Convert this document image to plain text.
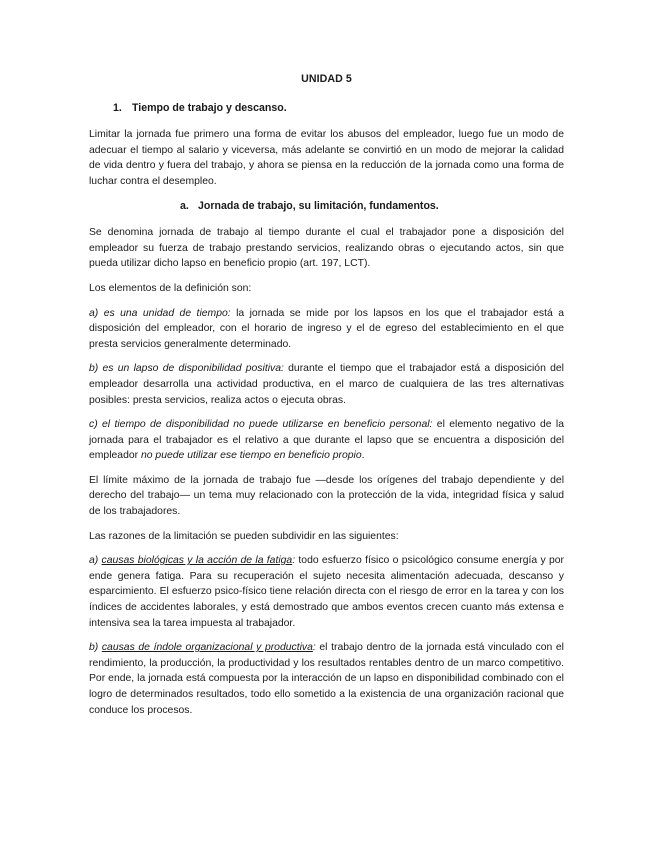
UNIDAD 5
1. Tiempo de trabajo y descanso.

Limitar la jornada fue primero una forma de evitar los abusos del empleador, luego fue un modo de adecuar el tiempo al salario y viceversa, más adelante se convirtió en un modo de mejorar la calidad de vida dentro y fuera del trabajo, y ahora se piensa en la reducción de la jornada como una forma de luchar contra el desempleo.

a. Jornada de trabajo, su limitación, fundamentos.

Se denomina jornada de trabajo al tiempo durante el cual el trabajador pone a disposición del empleador su fuerza de trabajo prestando servicios, realizando obras o ejecutando actos, sin que pueda utilizar dicho lapso en beneficio propio (art. 197, LCT).

Los elementos de la definición son:

a) es una unidad de tiempo: la jornada se mide por los lapsos en los que el trabajador está a disposición del empleador, con el horario de ingreso y el de egreso del establecimiento en el que presta servicios generalmente determinado.

b) es un lapso de disponibilidad positiva: durante el tiempo que el trabajador está a disposición del empleador desarrolla una actividad productiva, en el marco de cualquiera de las tres alternativas posibles: presta servicios, realiza actos o ejecuta obras.

c) el tiempo de disponibilidad no puede utilizarse en beneficio personal: el elemento negativo de la jornada para el trabajador es el relativo a que durante el lapso que se encuentra a disposición del empleador no puede utilizar ese tiempo en beneficio propio.

El límite máximo de la jornada de trabajo fue —desde los orígenes del trabajo dependiente y del derecho del trabajo— un tema muy relacionado con la protección de la vida, integridad física y salud de los trabajadores.

Las razones de la limitación se pueden subdividir en las siguientes:

a) causas biológicas y la acción de la fatiga: todo esfuerzo físico o psicológico consume energía y por ende genera fatiga. Para su recuperación el sujeto necesita alimentación adecuada, descanso y esparcimiento. El esfuerzo psico-físico tiene relación directa con el riesgo de error en la tarea y con los índices de accidentes laborales, y está demostrado que ambos eventos crecen cuanto más extensa e intensiva sea la tarea impuesta al trabajador.

b) causas de índole organizacional y productiva: el trabajo dentro de la jornada está vinculado con el rendimiento, la producción, la productividad y los resultados rentables dentro de un marco competitivo. Por ende, la jornada está compuesta por la interacción de un lapso en disponibilidad combinado con el logro de determinados resultados, todo ello sometido a la existencia de una organización racional que conduce los procesos.
